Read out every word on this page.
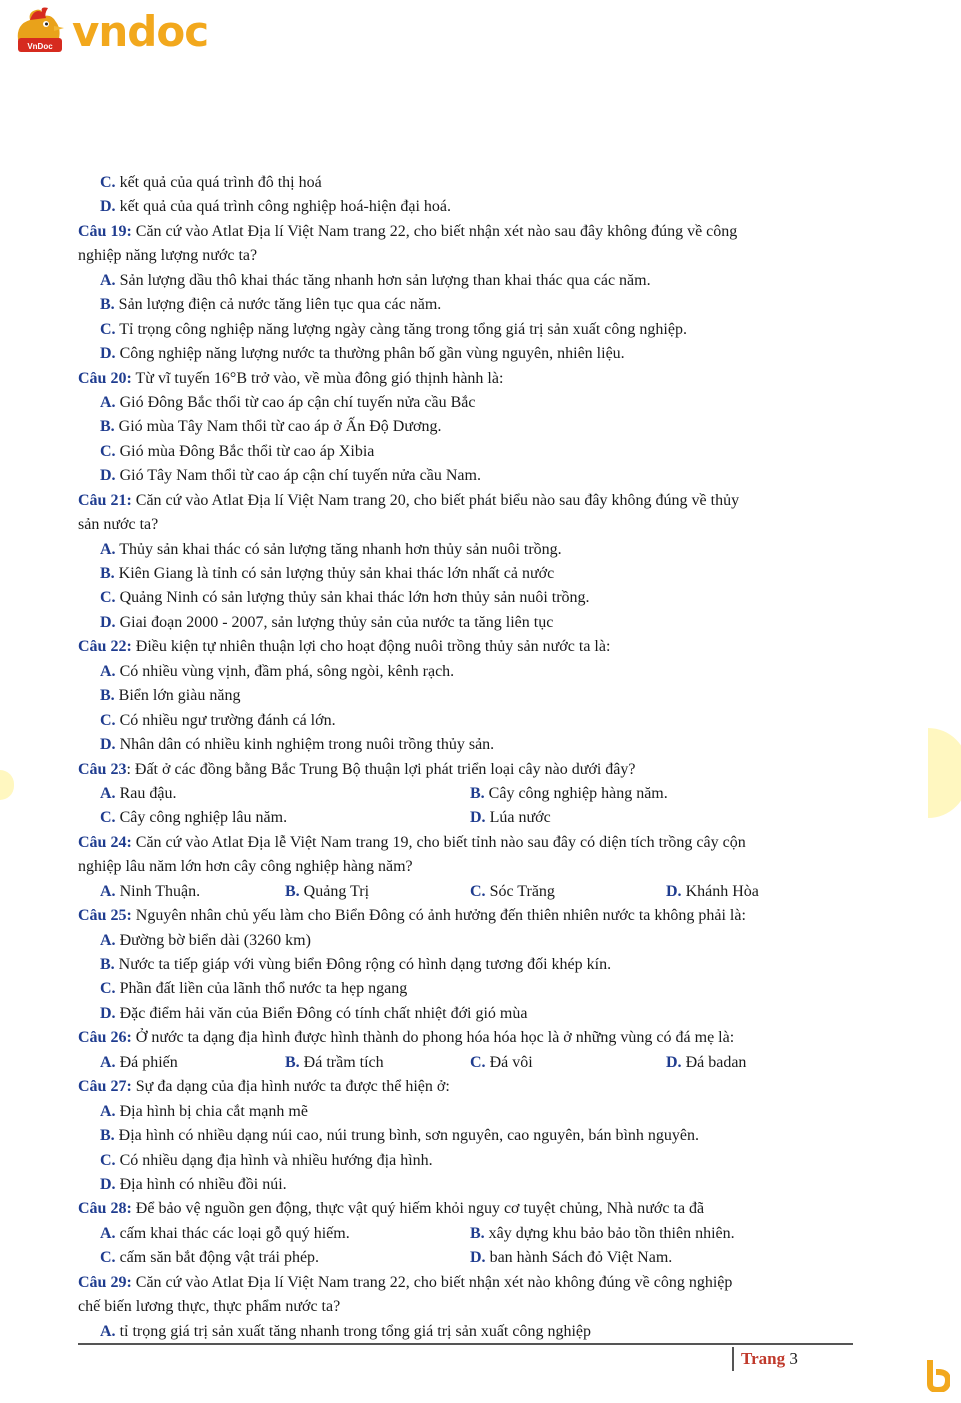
VnDoc vndoc
C. kết quả của quá trình đô thị hoá
D. kết quả của quá trình công nghiệp hoá-hiện đại hoá.
Câu 19: Căn cứ vào Atlat Địa lí Việt Nam trang 22, cho biết nhận xét nào sau đây không đúng về công
nghiệp năng lượng nước ta?
A. Sản lượng dầu thô khai thác tăng nhanh hơn sản lượng than khai thác qua các năm.
B. Sản lượng điện cả nước tăng liên tục qua các năm.
C. Tỉ trọng công nghiệp năng lượng ngày càng tăng trong tổng giá trị sản xuất công nghiệp.
D. Công nghiệp năng lượng nước ta thường phân bố gần vùng nguyên, nhiên liệu.
Câu 20: Từ vĩ tuyến 16°B trở vào, về mùa đông gió thịnh hành là:
A. Gió Đông Bắc thổi từ cao áp cận chí tuyến nửa cầu Bắc
B. Gió mùa Tây Nam thổi từ cao áp ở Ấn Độ Dương.
C. Gió mùa Đông Bắc thổi từ cao áp Xibia
D. Gió Tây Nam thổi từ cao áp cận chí tuyến nửa cầu Nam.
Câu 21: Căn cứ vào Atlat Địa lí Việt Nam trang 20, cho biết phát biểu nào sau đây không đúng về thủy
sản nước ta?
A. Thủy sản khai thác có sản lượng tăng nhanh hơn thủy sản nuôi trồng.
B. Kiên Giang là tỉnh có sản lượng thủy sản khai thác lớn nhất cả nước
C. Quảng Ninh có sản lượng thủy sản khai thác lớn hơn thủy sản nuôi trồng.
D. Giai đoạn 2000 - 2007, sản lượng thủy sản của nước ta tăng liên tục
Câu 22: Điều kiện tự nhiên thuận lợi cho hoạt động nuôi trồng thủy sản nước ta là:
A. Có nhiều vùng vịnh, đầm phá, sông ngòi, kênh rạch.
B. Biển lớn giàu năng
C. Có nhiều ngư trường đánh cá lớn.
D. Nhân dân có nhiều kinh nghiệm trong nuôi trồng thủy sản.
Câu 23: Đất ở các đồng bằng Bắc Trung Bộ thuận lợi phát triển loại cây nào dưới đây?
A. Rau đậu.	B. Cây công nghiệp hàng năm.
C. Cây công nghiệp lâu năm.	D. Lúa nước
Câu 24: Căn cứ vào Atlat Địa lễ Việt Nam trang 19, cho biết tỉnh nào sau đây có diện tích trồng cây cộn
nghiệp lâu năm lớn hơn cây công nghiệp hàng năm?
A. Ninh Thuận.	B. Quảng Trị	C. Sóc Trăng	D. Khánh Hòa
Câu 25: Nguyên nhân chủ yếu làm cho Biển Đông có ảnh hưởng đến thiên nhiên nước ta không phải là:
A. Đường bờ biển dài (3260 km)
B. Nước ta tiếp giáp với vùng biển Đông rộng có hình dạng tương đối khép kín.
C. Phần đất liền của lãnh thổ nước ta hẹp ngang
D. Đặc điểm hải văn của Biển Đông có tính chất nhiệt đới gió mùa
Câu 26: Ở nước ta dạng địa hình được hình thành do phong hóa hóa học là ở những vùng có đá mẹ là:
A. Đá phiến	B. Đá trầm tích	C. Đá vôi	D. Đá badan
Câu 27: Sự đa dạng của địa hình nước ta được thể hiện ở:
A. Địa hình bị chia cắt mạnh mẽ
B. Địa hình có nhiều dạng núi cao, núi trung bình, sơn nguyên, cao nguyên, bán bình nguyên.
C. Có nhiều dạng địa hình và nhiều hướng địa hình.
D. Địa hình có nhiều đồi núi.
Câu 28: Để bảo vệ nguồn gen động, thực vật quý hiếm khỏi nguy cơ tuyệt chủng, Nhà nước ta đã
A. cấm khai thác các loại gỗ quý hiếm.	B. xây dựng khu bảo bảo tồn thiên nhiên.
C. cấm săn bắt động vật trái phép.	D. ban hành Sách đỏ Việt Nam.
Câu 29: Căn cứ vào Atlat Địa lí Việt Nam trang 22, cho biết nhận xét nào không đúng về công nghiệp
chế biến lương thực, thực phẩm nước ta?
A. tỉ trọng giá trị sản xuất tăng nhanh trong tổng giá trị sản xuất công nghiệp
Trang 3
